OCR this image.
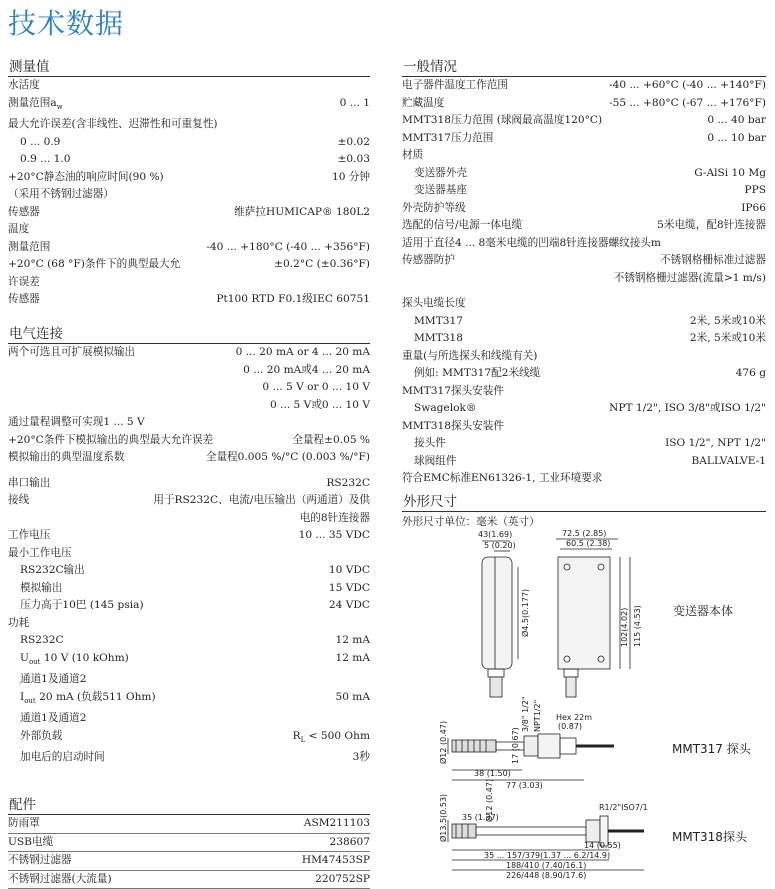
技术数据
测量值
水活度
测量范围$a_w$	0 ... 1
最大允许误差(含非线性、迟滞性和可重复性)
0 ... 0.9	±0.02
0.9 ... 1.0	±0.03
+20°C静态油的响应时间(90 %)	10 分钟
（采用不锈钢过滤器）
传感器	维萨拉HUMICAP® 180L2
温度
测量范围	-40 ... +180°C (-40 ... +356°F)
+20°C (68 °F)条件下的典型最大允	±0.2°C (±0.36°F)
许误差
传感器	Pt100 RTD F0.1级IEC 60751
电气连接
两个可选且可扩展模拟输出	0 ... 20 mA or 4 ... 20 mA
0 ... 20 mA或4 ... 20 mA
0 ... 5 V or 0 ... 10 V
0 ... 5 V或0 ... 10 V
通过量程调整可实现1 ... 5 V
+20°C条件下模拟输出的典型最大允许误差	全量程±0.05 %
模拟输出的典型温度系数	全量程0.005 %/°C (0.003 %/°F)
串口输出	RS232C
接线	用于RS232C、电流/电压输出（两通道）及供
电的8针连接器
工作电压	10 ... 35 VDC
最小工作电压
RS232C输出	10 VDC
模拟输出	15 VDC
压力高于10巴 (145 psia)	24 VDC
功耗
RS232C	12 mA
$U_{out}$ 10 V (10 kOhm)	12 mA
通道1及通道2
$I_{out}$ 20 mA (负载511 Ohm)	50 mA
通道1及通道2
外部负载	$R_L < 500$ Ohm
加电后的启动时间	3秒
配件
防雨罩	ASM211103
USB电缆	238607
不锈钢过滤器	HM47453SP
不锈钢过滤器(大流量)	220752SP
一般情况
电子器件温度工作范围	-40 ... +60°C (-40 ... +140°F)
贮藏温度	-55 ... +80°C (-67 ... +176°F)
MMT318压力范围 (球阀最高温度120°C)	0 ... 40 bar
MMT317压力范围	0 ... 10 bar
材质
变送器外壳	G-AlSi 10 Mg
变送器基座	PPS
外壳防护等级	IP66
选配的信号/电源一体电缆	5米电缆，配8针连接器
适用于直径4 ... 8毫米电缆的凹端8针连接器螺纹接头m
传感器防护	不锈钢格栅标准过滤器
不锈钢格栅过滤器(流量>1 m/s)
探头电缆长度
MMT317	2米, 5米或10米
MMT318	2米, 5米或10米
重量(与所选探头和线缆有关)
例如: MMT317配2米线缆	476 g
MMT317探头安装件
Swagelok®	NPT 1/2", ISO 3/8"或ISO 1/2"
MMT318探头安装件
接头件	ISO 1/2", NPT 1/2"
球阀组件	BALLVALVE-1
符合EMC标准EN61326-1, 工业环境要求
外形尺寸
外形尺寸单位：毫米（英寸）
43(1.69)
5 (0.20)
72.5 (2.85)
60.5 (2.38)
Ø4.5(0.177)	102(4.02) 115 (4.53)	变送器本体
Hex 22m
(0.87)
3/8" 1/2" NPT1/2"
Ø12 (0.47)
38 (1.50)
77 (3.03)
17 (0.67)	MMT317 探头
R1/2"ISO7/1
Ø13.5(0.53)	Ø12 (0.47)
35 (1.37)
14 (0.55)
35 ... 157/379(1.37 ... 6.2/14.9)
188/410 (7.40/16.1)
226/448 (8.90/17.6)
MMT318探头
